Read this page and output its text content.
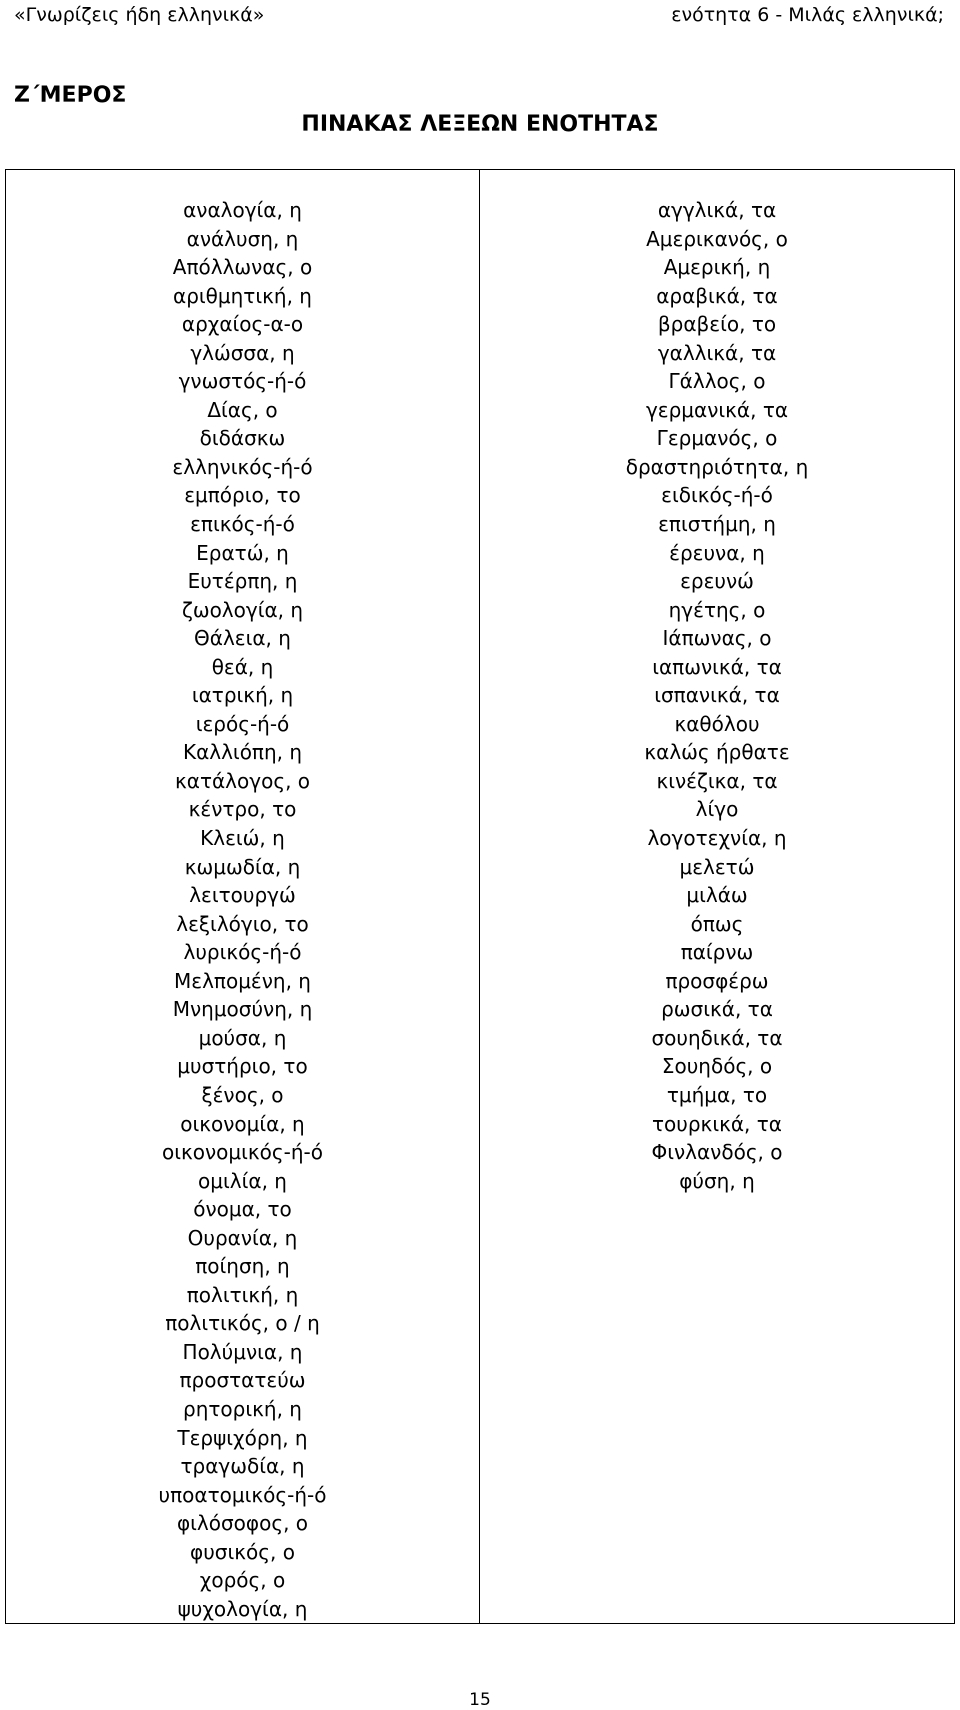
«Γνωρίζεις ήδη ελληνικά»	ενότητα 6 - Μιλάς ελληνικά;
Ζ΄ΜΕΡΟΣ
ΠΙΝΑΚΑΣ ΛΕΞΕΩΝ ΕΝΟΤΗΤΑΣ
αναλογία, η
ανάλυση, η
Απόλλωνας, ο
αριθμητική, η
αρχαίος-α-ο
γλώσσα, η
γνωστός-ή-ό
Δίας, ο
διδάσκω
ελληνικός-ή-ό
εμπόριο, το
επικός-ή-ό
Ερατώ, η
Ευτέρπη, η
ζωολογία, η
Θάλεια, η
θεά, η
ιατρική, η
ιερός-ή-ό
Καλλιόπη, η
κατάλογος, ο
κέντρο, το
Κλειώ, η
κωμωδία, η
λειτουργώ
λεξιλόγιο, το
λυρικός-ή-ό
Μελπομένη, η
Μνημοσύνη, η
μούσα, η
μυστήριο, το
ξένος, ο
οικονομία, η
οικονομικός-ή-ό
ομιλία, η
όνομα, το
Ουρανία, η
ποίηση, η
πολιτική, η
πολιτικός, ο / η
Πολύμνια, η
προστατεύω
ρητορική, η
Τερψιχόρη, η
τραγωδία, η
υποατομικός-ή-ό
φιλόσοφος, ο
φυσικός, ο
χορός, ο
ψυχολογία, η
αγγλικά, τα
Αμερικανός, ο
Αμερική, η
αραβικά, τα
βραβείο, το
γαλλικά, τα
Γάλλος, ο
γερμανικά, τα
Γερμανός, ο
δραστηριότητα, η
ειδικός-ή-ό
επιστήμη, η
έρευνα, η
ερευνώ
ηγέτης, ο
Ιάπωνας, ο
ιαπωνικά, τα
ισπανικά, τα
καθόλου
καλώς ήρθατε
κινέζικα, τα
λίγο
λογοτεχνία, η
μελετώ
μιλάω
όπως
παίρνω
προσφέρω
ρωσικά, τα
σουηδικά, τα
Σουηδός, ο
τμήμα, το
τουρκικά, τα
Φινλανδός, ο
φύση, η
15
